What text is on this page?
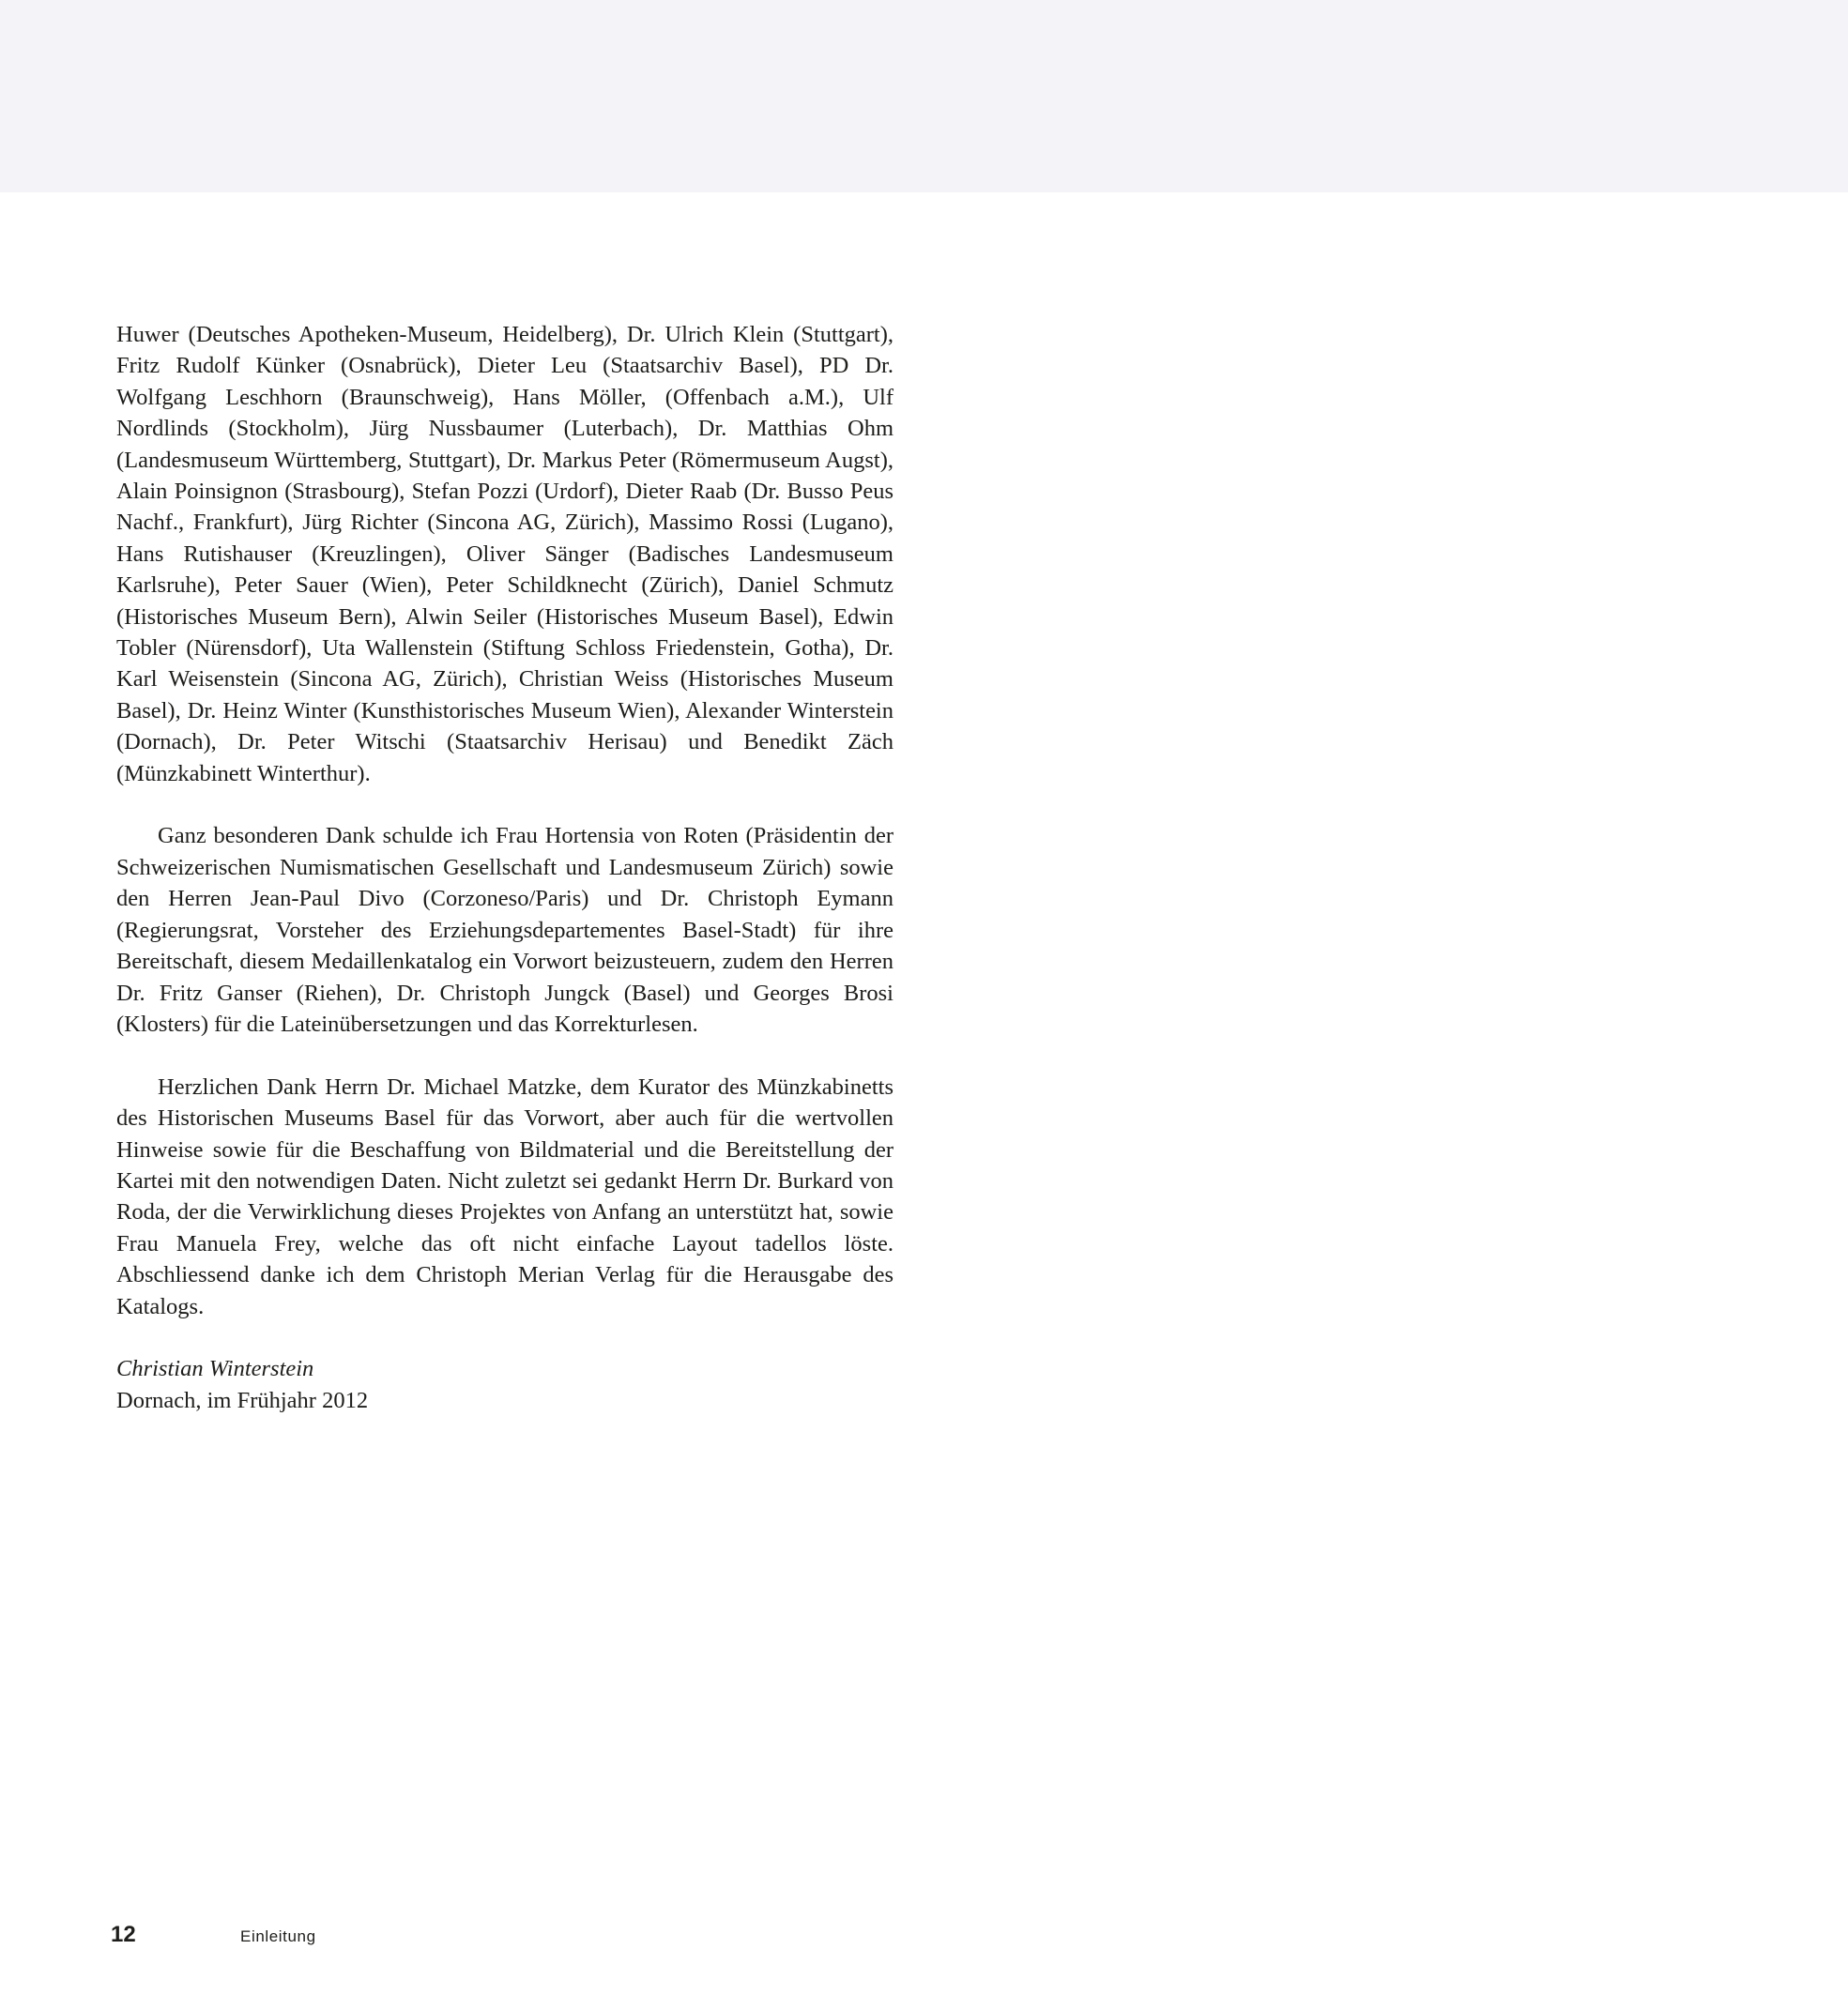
Huwer (Deutsches Apotheken-Museum, Heidelberg), Dr. Ulrich Klein (Stuttgart), Fritz Rudolf Künker (Osnabrück), Dieter Leu (Staatsarchiv Basel), PD Dr. Wolfgang Leschhorn (Braunschweig), Hans Möller, (Offenbach a.M.), Ulf Nordlinds (Stockholm), Jürg Nussbaumer (Luterbach), Dr. Matthias Ohm (Landesmuseum Württemberg, Stuttgart), Dr. Markus Peter (Römermuseum Augst), Alain Poinsignon (Strasbourg), Stefan Pozzi (Urdorf), Dieter Raab (Dr. Busso Peus Nachf., Frankfurt), Jürg Richter (Sincona AG, Zürich), Massimo Rossi (Lugano), Hans Rutishauser (Kreuzlingen), Oliver Sänger (Badisches Landesmuseum Karlsruhe), Peter Sauer (Wien), Peter Schildknecht (Zürich), Daniel Schmutz (Historisches Museum Bern), Alwin Seiler (Historisches Museum Basel), Edwin Tobler (Nürensdorf), Uta Wallenstein (Stiftung Schloss Friedenstein, Gotha), Dr. Karl Weisenstein (Sincona AG, Zürich), Christian Weiss (Historisches Museum Basel), Dr. Heinz Winter (Kunsthistorisches Museum Wien), Alexander Winterstein (Dornach), Dr. Peter Witschi (Staatsarchiv Herisau) und Benedikt Zäch (Münzkabinett Winterthur).

Ganz besonderen Dank schulde ich Frau Hortensia von Roten (Präsidentin der Schweizerischen Numismatischen Gesellschaft und Landesmuseum Zürich) sowie den Herren Jean-Paul Divo (Corzoneso/Paris) und Dr. Christoph Eymann (Regierungsrat, Vorsteher des Erziehungsdepartementes Basel-Stadt) für ihre Bereitschaft, diesem Medaillenkatalog ein Vorwort beizusteuern, zudem den Herren Dr. Fritz Ganser (Riehen), Dr. Christoph Jungck (Basel) und Georges Brosi (Klosters) für die Lateinübersetzungen und das Korrekturlesen.

Herzlichen Dank Herrn Dr. Michael Matzke, dem Kurator des Münzkabinetts des Historischen Museums Basel für das Vorwort, aber auch für die wertvollen Hinweise sowie für die Beschaffung von Bildmaterial und die Bereitstellung der Kartei mit den notwendigen Daten. Nicht zuletzt sei gedankt Herrn Dr. Burkard von Roda, der die Verwirklichung dieses Projektes von Anfang an unterstützt hat, sowie Frau Manuela Frey, welche das oft nicht einfache Layout tadellos löste. Abschliessend danke ich dem Christoph Merian Verlag für die Herausgabe des Katalogs.

Christian Winterstein
Dornach, im Frühjahr 2012
12	Einleitung
